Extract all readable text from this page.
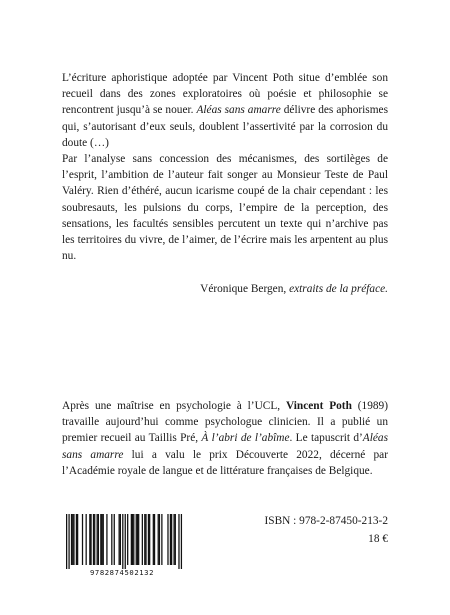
L’écriture aphoristique adoptée par Vincent Poth situe d’emblée son recueil dans des zones exploratoires où poésie et philosophie se rencontrent jusqu’à se nouer. Aléas sans amarre délivre des aphorismes qui, s’autorisant d’eux seuls, doublent l’assertivité par la corrosion du doute (…)

Par l’analyse sans concession des mécanismes, des sortilèges de l’esprit, l’ambition de l’auteur fait songer au Monsieur Teste de Paul Valéry. Rien d’éthéré, aucun icarisme coupé de la chair cependant : les soubresauts, les pulsions du corps, l’empire de la perception, des sensations, les facultés sensibles percutent un texte qui n’archive pas les territoires du vivre, de l’aimer, de l’écrire mais les arpentent au plus nu.

Véronique Bergen, extraits de la préface.

Après une maîtrise en psychologie à l’UCL, Vincent Poth (1989) travaille aujourd’hui comme psychologue clinicien. Il a publié un premier recueil au Taillis Pré, À l’abri de l’abîme. Le tapuscrit d’Aléas sans amarre lui a valu le prix Découverte 2022, décerné par l’Académie royale de langue et de littérature françaises de Belgique.

9782874502132
ISBN : 978-2-87450-213-2
18 €
